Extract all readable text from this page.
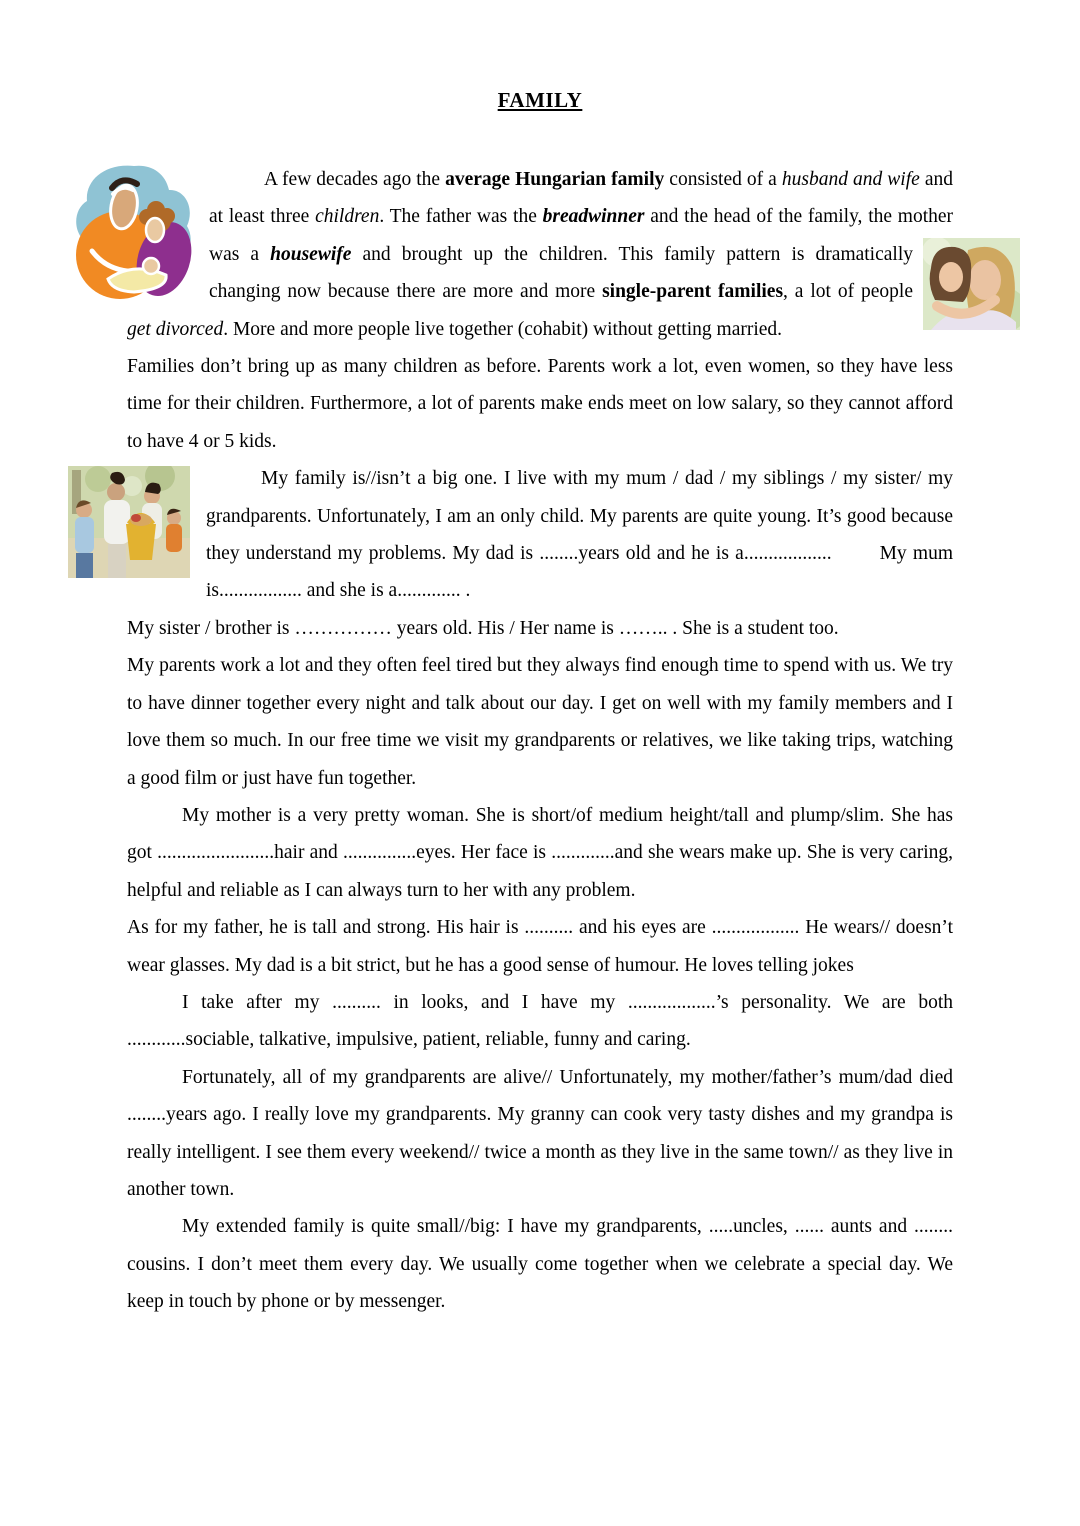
FAMILY

A few decades ago the average Hungarian family consisted of a husband and wife and at least three children. The father was the breadwinner and the head of the family, the mother was a
housewife and brought up the children. This family pattern is dramatically changing now because there are more and more single-parent families, a lot of people get divorced. More and more people live together (cohabit) without getting married.

Families don’t bring up as many children as before. Parents work a lot, even women, so they have less time for their children. Furthermore, a lot of parents make ends meet on low salary, so they cannot afford to have 4 or 5 kids.

My family is//isn’t a big one. I live with my mum / dad / my siblings / my sister/ my grandparents. Unfortunately, I am an only child. My parents are quite young. It’s good because they understand my problems. My dad is ........years old and he is a.................. My mum is................. and she is a............. .

My sister / brother is …………… years old. His / Her name is …….. . She is a student too.

My parents work a lot and they often feel tired but they always find enough time to spend with us. We try to have dinner together every night and talk about our day. I get on well with my family members and I love them so much. In our free time we visit my grandparents or relatives, we like taking trips, watching a good film or just have fun together.

My mother is a very pretty woman. She is short/of medium height/tall and plump/slim. She has got ........................hair and ...............eyes. Her face is .............and she wears make up. She is very caring, helpful and reliable as I can always turn to her with any problem.

As for my father, he is tall and strong. His hair is .......... and his eyes are .................. He wears// doesn’t wear glasses. My dad is a bit strict, but he has a good sense of humour. He loves telling jokes

I take after my .......... in looks, and I have my ..................’s personality. We are both ............sociable, talkative, impulsive, patient, reliable, funny and caring.

Fortunately, all of my grandparents are alive// Unfortunately, my mother/father’s mum/dad died ........years ago. I really love my grandparents. My granny can cook very tasty dishes and my grandpa is really intelligent. I see them every weekend// twice a month as they live in the same town// as they live in another town.

My extended family is quite small//big: I have my grandparents, .....uncles, ...... aunts and ........ cousins. I don’t meet them every day. We usually come together when we celebrate a special day. We keep in touch by phone or by messenger.
